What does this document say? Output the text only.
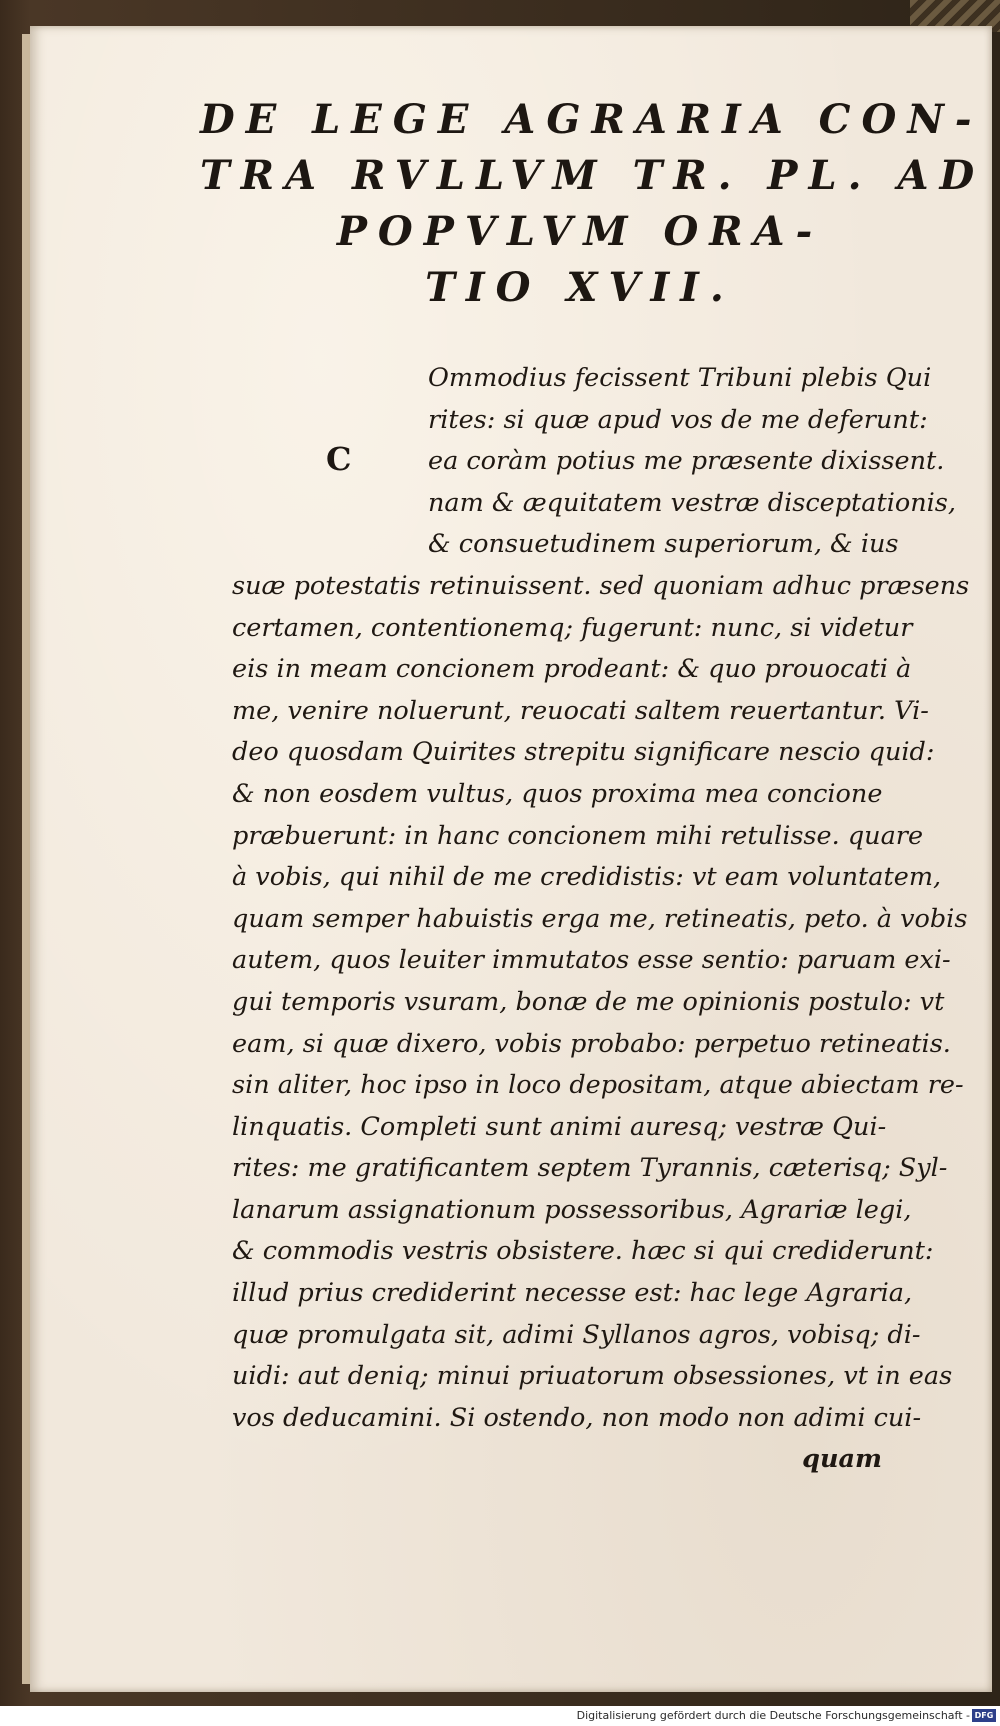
DE LEGE AGRARIA CON-
TRA RVLLVM TR. PL. AD
POPVLVM ORA-
TIO XVII.
C
Ommodius fecissent Tribuni plebis Qui
rites: si quæ apud vos de me deferunt:
ea coràm potius me præsente dixissent.
nam & æquitatem vestræ disceptationis,
& consuetudinem superiorum, & ius
suæ potestatis retinuissent. sed quoniam adhuc præsens
certamen, contentionemq; fugerunt: nunc, si videtur
eis in meam concionem prodeant: & quo prouocati à
me, venire noluerunt, reuocati saltem reuertantur. Vi-
deo quosdam Quirites strepitu significare nescio quid:
& non eosdem vultus, quos proxima mea concione
præbuerunt: in hanc concionem mihi retulisse. quare
à vobis, qui nihil de me credidistis: vt eam voluntatem,
quam semper habuistis erga me, retineatis, peto. à vobis
autem, quos leuiter immutatos esse sentio: paruam exi-
gui temporis vsuram, bonæ de me opinionis postulo: vt
eam, si quæ dixero, vobis probabo: perpetuo retineatis.
sin aliter, hoc ipso in loco depositam, atque abiectam re-
linquatis. Completi sunt animi auresq; vestræ Qui-
rites: me gratificantem septem Tyrannis, cæterisq; Syl-
lanarum assignationum possessoribus, Agrariæ legi,
& commodis vestris obsistere. hæc si qui crediderunt:
illud prius crediderint necesse est: hac lege Agraria,
quæ promulgata sit, adimi Syllanos agros, vobisq; di-
uidi: aut deniq; minui priuatorum obsessiones, vt in eas
vos deducamini. Si ostendo, non modo non adimi cui-
quam
Digitalisierung gefördert durch die Deutsche Forschungsgemeinschaft - DFG
